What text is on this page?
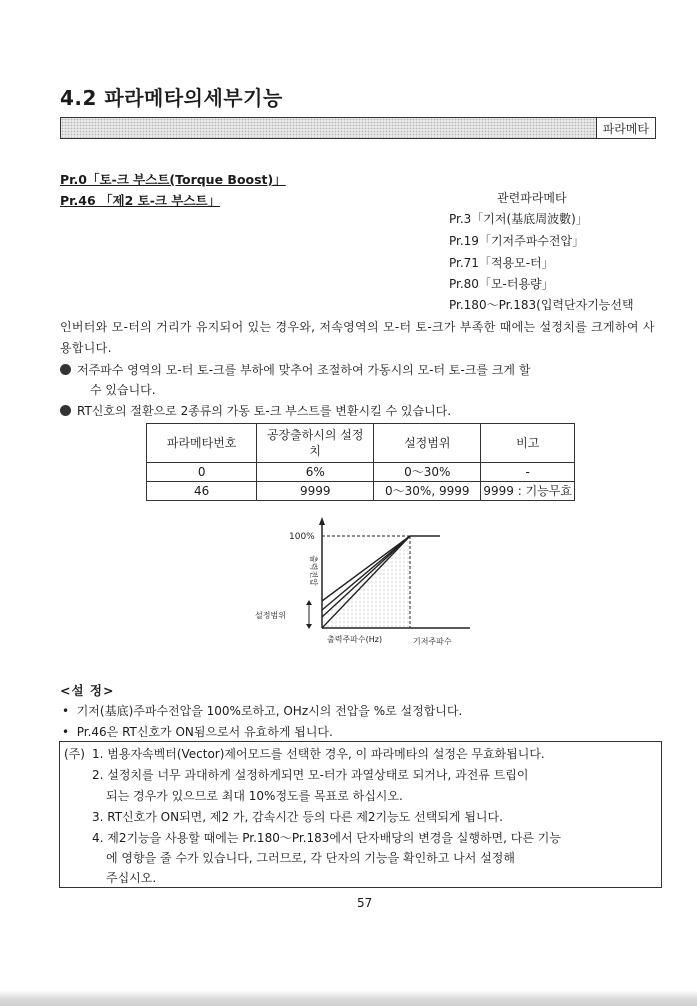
4.2 파라메타의세부기능
파라메타
Pr.0「토-크 부스트(Torque Boost)」
Pr.46 「제2 토-크 부스트」	관련파라메타
Pr.3「기저(基底周波數)」
Pr.19「기저주파수전압」
Pr.71「적용모-터」
Pr.80「모-터용량」
Pr.180～Pr.183(입력단자기능선택
인버터와 모-터의 거리가 유지되어 있는 경우와, 저속영역의 모-터 토-크가 부족한 때에는 설정치를 크게하여 사용합니다.
저주파수 영역의 모-터 토-크를 부하에 맞추어 조절하여 가동시의 모-터 토-크를 크게 할
수 있습니다.
RT신호의 절환으로 2종류의 가동 토-크 부스트를 변환시킬 수 있습니다.
파라메타번호	공장출하시의 설정치	설정범위	비고
0	6%	0～30%	-
46	9999	0～30%, 9999	9999 : 기능무효
100%
설정범위
출력전압
출력주파수(Hz)	기저주파수
<설 정>
•  기저(基底)주파수전압을 100%로하고, OHz시의 전압을 %로 설정합니다.
•  Pr.46은 RT신호가 ON됨으로서 유효하게 됩니다.
(주) 1. 범용자속벡터(Vector)제어모드를 선택한 경우, 이 파라메타의 설정은 무효화됩니다.
2. 설정치를 너무 과대하게 설정하게되면 모-터가 과열상태로 되거나, 과전류 트립이
되는 경우가 있으므로 최대 10%정도를 목표로 하십시오.
3. RT신호가 ON되면, 제2 가, 감속시간 등의 다른 제2기능도 선택되게 됩니다.
4. 제2기능을 사용할 때에는 Pr.180～Pr.183에서 단자배당의 변경을 실행하면, 다른 기능
에 영향을 줄 수가 있습니다, 그러므로, 각 단자의 기능을 확인하고 나서 설정해
주십시오.
57
